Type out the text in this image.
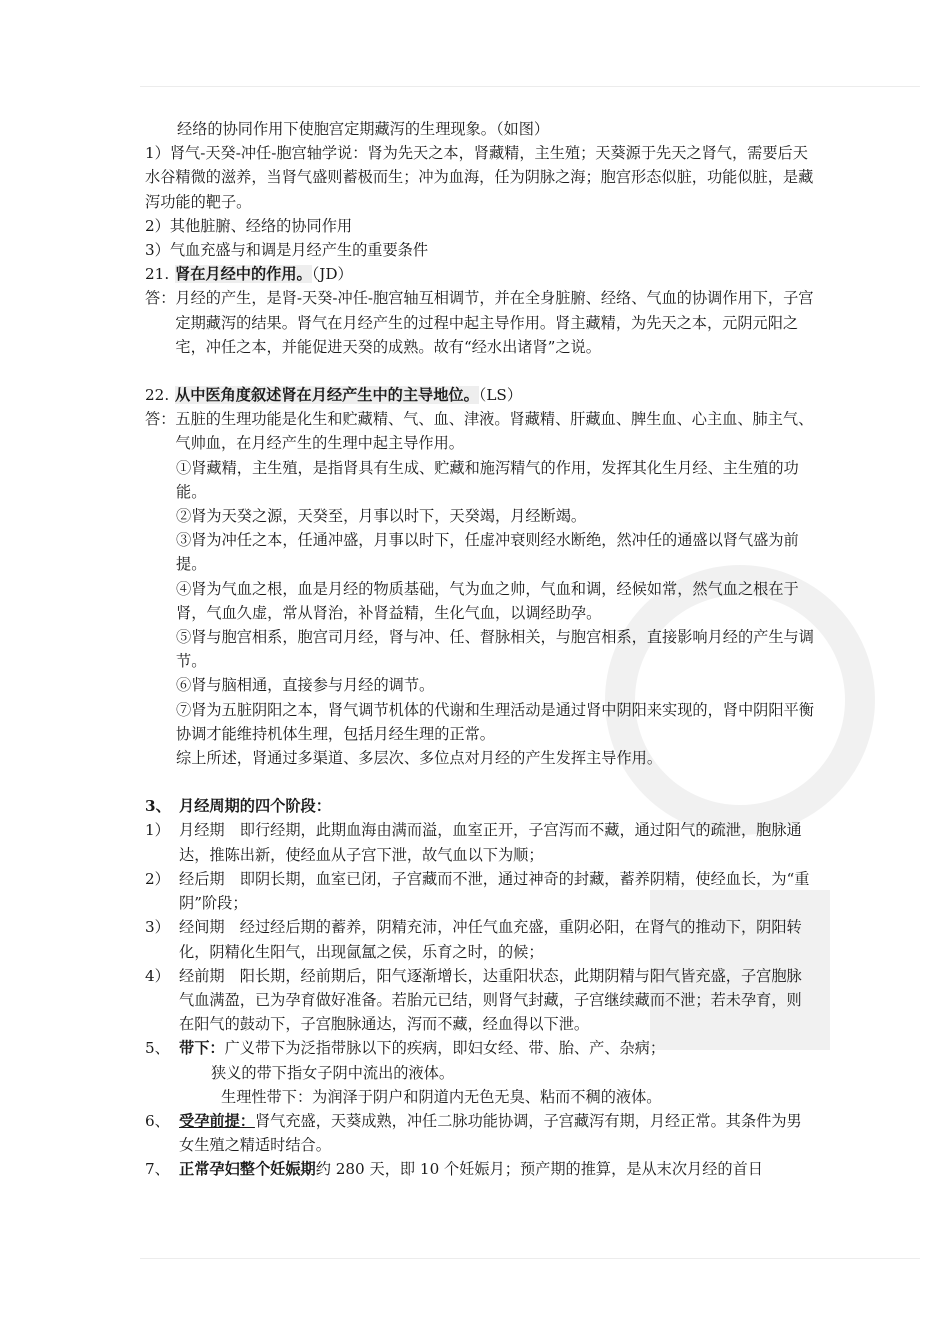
经络的协同作用下使胞宫定期藏泻的生理现象。（如图）

1）肾气-天癸-冲任-胞宫轴学说：肾为先天之本，肾藏精，主生殖；天葵源于先天之肾气，需要后天水谷精微的滋养，当肾气盛则蓄极而生；冲为血海，任为阴脉之海；胞宫形态似脏，功能似脏，是藏泻功能的靶子。

2）其他脏腑、经络的协同作用

3）气血充盛与和调是月经产生的重要条件

21. 肾在月经中的作用。（JD）
答： 月经的产生，是肾-天癸-冲任-胞宫轴互相调节，并在全身脏腑、经络、气血的协调作用下，子宫定期藏泻的结果。肾气在月经产生的过程中起主导作用。肾主藏精，为先天之本，元阴元阳之宅，冲任之本，并能促进天癸的成熟。故有“经水出诸肾”之说。
22. 从中医角度叙述肾在月经产生中的主导地位。（LS）
答： 五脏的生理功能是化生和贮藏精、气、血、津液。肾藏精、肝藏血、脾生血、心主血、肺主气、气帅血，在月经产生的生理中起主导作用。

①肾藏精，主生殖，是指肾具有生成、贮藏和施泻精气的作用，发挥其化生月经、主生殖的功能。

②肾为天癸之源，天癸至，月事以时下，天癸竭，月经断竭。

③肾为冲任之本，任通冲盛，月事以时下，任虚冲衰则经水断绝，然冲任的通盛以肾气盛为前提。

④肾为气血之根，血是月经的物质基础，气为血之帅，气血和调，经候如常，然气血之根在于肾，气血久虚，常从肾治，补肾益精，生化气血，以调经助孕。

⑤肾与胞宫相系，胞宫司月经，肾与冲、任、督脉相关，与胞宫相系，直接影响月经的产生与调节。

⑥肾与脑相通，直接参与月经的调节。

⑦肾为五脏阴阳之本，肾气调节机体的代谢和生理活动是通过肾中阴阳来实现的，肾中阴阳平衡协调才能维持机体生理，包括月经生理的正常。

综上所述，肾通过多渠道、多层次、多位点对月经的产生发挥主导作用。

3、 月经周期的四个阶段：
1） 月经期　即行经期，此期血海由满而溢，血室正开，子宫泻而不藏，通过阳气的疏泄，胞脉通达，推陈出新，使经血从子宫下泄，故气血以下为顺；
2） 经后期　即阴长期，血室已闭，子宫藏而不泄，通过神奇的封藏，蓄养阴精，使经血长，为“重阴”阶段；
3） 经间期　经过经后期的蓄养，阴精充沛，冲任气血充盛，重阴必阳，在肾气的推动下，阴阳转化，阴精化生阳气，出现氤氲之侯，乐育之时，的候；
4） 经前期　阳长期，经前期后，阳气逐渐增长，达重阳状态，此期阴精与阳气皆充盛，子宫胞脉气血满盈，已为孕育做好准备。若胎元已结，则肾气封藏，子宫继续藏而不泄；若未孕育，则在阳气的鼓动下，子宫胞脉通达，泻而不藏，经血得以下泄。
5、 带下：广义带下为泛指带脉以下的疾病，即妇女经、带、胎、产、杂病；

狭义的带下指女子阴中流出的液体。

生理性带下：为润泽于阴户和阴道内无色无臭、粘而不稠的液体。

6、 受孕前提：肾气充盛，天葵成熟，冲任二脉功能协调，子宫藏泻有期，月经正常。其条件为男女生殖之精适时结合。
7、 正常孕妇整个妊娠期约 280 天，即 10 个妊娠月；预产期的推算，是从末次月经的首日
